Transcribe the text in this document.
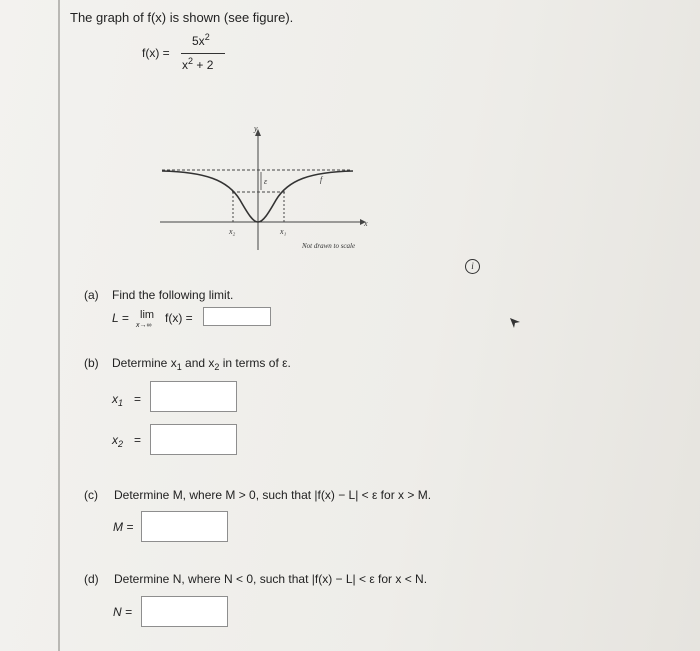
The graph of f(x) is shown (see figure).
f(x) =
$5x^2$
$x^2 + 2$
ε
y
x
f
x₂	x₁
Not drawn to scale
i
(a) Find the following limit.
L = lim
x→∞
f(x) =
(b) Determine $x_1$ and $x_2$ in terms of ε.
$x_1$ =
$x_2$ =
(c) Determine M, where M > 0, such that |f(x) − L| < ε for x > M.
M =
(d) Determine N, where N < 0, such that |f(x) − L| < ε for x < N.
N =
